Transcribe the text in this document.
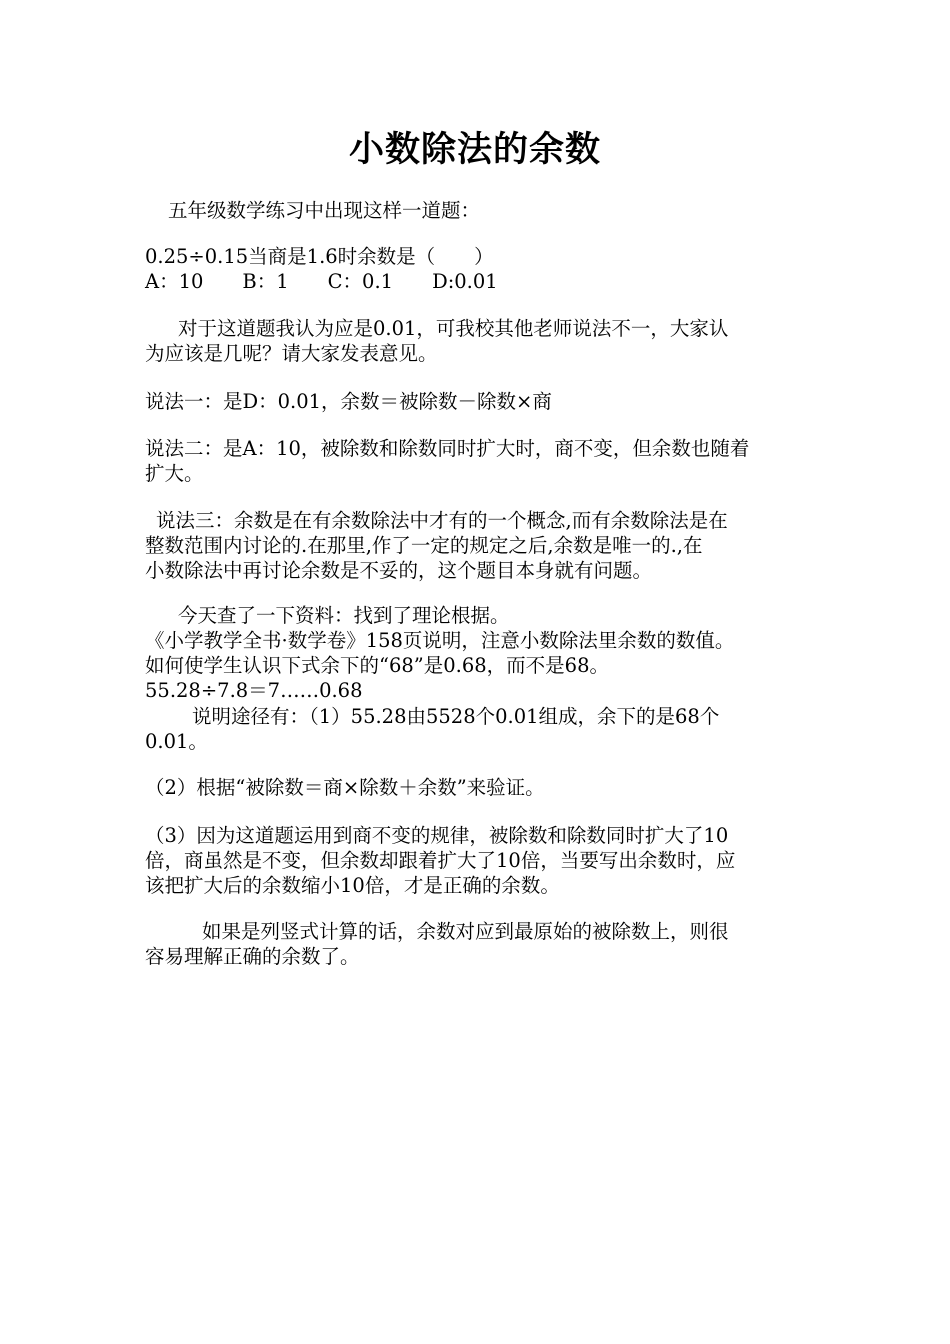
小数除法的余数
五年级数学练习中出现这样一道题：
0.25÷0.15当商是1.6时余数是（　　）
A：10　　B：1　　C：0.1　　D:0.01
对于这道题我认为应是0.01，可我校其他老师说法不一，大家认
为应该是几呢？请大家发表意见。
说法一：是D：0.01，余数＝被除数－除数×商
说法二：是A：10，被除数和除数同时扩大时，商不变，但余数也随着
扩大。
说法三：余数是在有余数除法中才有的一个概念,而有余数除法是在
整数范围内讨论的.在那里,作了一定的规定之后,余数是唯一的.,在
小数除法中再讨论余数是不妥的，这个题目本身就有问题。
今天查了一下资料：找到了理论根据。
《小学教学全书·数学卷》158页说明，注意小数除法里余数的数值。
如何使学生认识下式余下的“68”是0.68，而不是68。
55.28÷7.8＝7……0.68
说明途径有：（1）55.28由5528个0.01组成，余下的是68个
0.01。
（2）根据“被除数＝商×除数＋余数”来验证。
（3）因为这道题运用到商不变的规律，被除数和除数同时扩大了10
倍，商虽然是不变，但余数却跟着扩大了10倍，当要写出余数时，应
该把扩大后的余数缩小10倍，才是正确的余数。
如果是列竖式计算的话，余数对应到最原始的被除数上，则很
容易理解正确的余数了。
